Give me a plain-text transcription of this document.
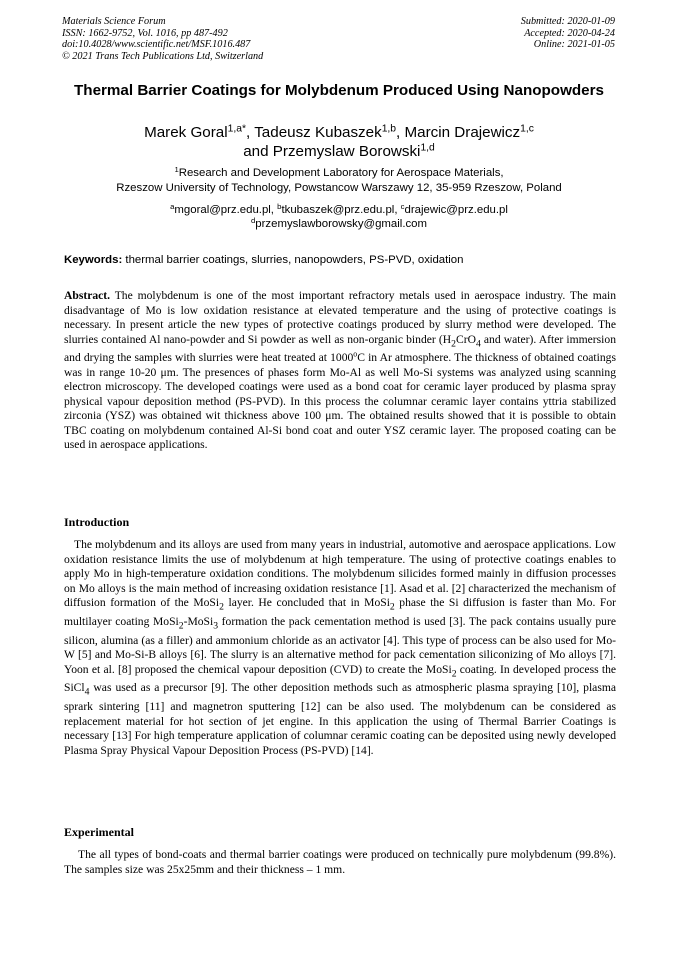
Materials Science Forum
ISSN: 1662-9752, Vol. 1016, pp 487-492
doi:10.4028/www.scientific.net/MSF.1016.487
© 2021 Trans Tech Publications Ltd, Switzerland
Submitted: 2020-01-09
Accepted: 2020-04-24
Online: 2021-01-05
Thermal Barrier Coatings for Molybdenum Produced Using Nanopowders
Marek Goral$^{1,a*}$, Tadeusz Kubaszek$^{1,b}$, Marcin Drajewicz$^{1,c}$
and Przemyslaw Borowski$^{1,d}$
$^1$Research and Development Laboratory for Aerospace Materials,
Rzeszow University of Technology, Powstancow Warszawy 12, 35-959 Rzeszow, Poland
$^a$mgoral@prz.edu.pl, $^b$tkubaszek@prz.edu.pl, $^c$drajewic@prz.edu.pl
$^d$przemyslawborowsky@gmail.com
Keywords: thermal barrier coatings, slurries, nanopowders, PS-PVD, oxidation
Abstract. The molybdenum is one of the most important refractory metals used in aerospace industry. The main disadvantage of Mo is low oxidation resistance at elevated temperature and the using of protective coatings is necessary. In present article the new types of protective coatings produced by slurry method were developed. The slurries contained Al nano-powder and Si powder as well as non-organic binder ($H_2CrO_4$ and water). After immersion and drying the samples with slurries were heat treated at 1000$^o$C in Ar atmosphere. The thickness of obtained coatings was in range 10-20 μm. The presences of phases form Mo-Al as well Mo-Si systems was analyzed using scanning electron microscopy. The developed coatings were used as a bond coat for ceramic layer produced by plasma spray physical vapour deposition method (PS-PVD). In this process the columnar ceramic layer contains yttria stabilized zirconia (YSZ) was obtained wit thickness above 100 μm. The obtained results showed that it is possible to obtain TBC coating on molybdenum contained Al-Si bond coat and outer YSZ ceramic layer. The proposed coating can be used in aerospace applications.
Introduction
The molybdenum and its alloys are used from many years in industrial, automotive and aerospace applications. Low oxidation resistance limits the use of molybdenum at high temperature. The using of protective coatings enables to apply Mo in high-temperature oxidation conditions. The molybdenum silicides formed mainly in diffusion processes on Mo alloys is the main method of increasing oxidation resistance [1]. Asad et al. [2] characterized the mechanism of diffusion formation of the MoSi$_2$ layer. He concluded that in MoSi$_2$ phase the Si diffusion is faster than Mo. For multilayer coating MoSi$_2$-MoSi$_3$ formation the pack cementation method is used [3]. The pack contains usually pure silicon, alumina (as a filler) and ammonium chloride as an activator [4]. This type of process can be also used for Mo-W [5] and Mo-Si-B alloys [6]. The slurry is an alternative method for pack cementation siliconizing of Mo alloys [7]. Yoon et al. [8] proposed the chemical vapour deposition (CVD) to create the MoSi$_2$ coating. In developed process the SiCl$_4$ was used as a precursor [9]. The other deposition methods such as atmospheric plasma spraying [10], plasma sprark sintering [11] and magnetron sputtering [12] can be also used. The molybdenum can be considered as replacement material for hot section of jet engine. In this application the using of Thermal Barrier Coatings is necessary [13] For high temperature application of columnar ceramic coating can be deposited using newly developed Plasma Spray Physical Vapour Deposition Process (PS-PVD) [14].
Experimental
The all types of bond-coats and thermal barrier coatings were produced on technically pure molybdenum (99.8%). The samples size was 25x25mm and their thickness – 1 mm.
